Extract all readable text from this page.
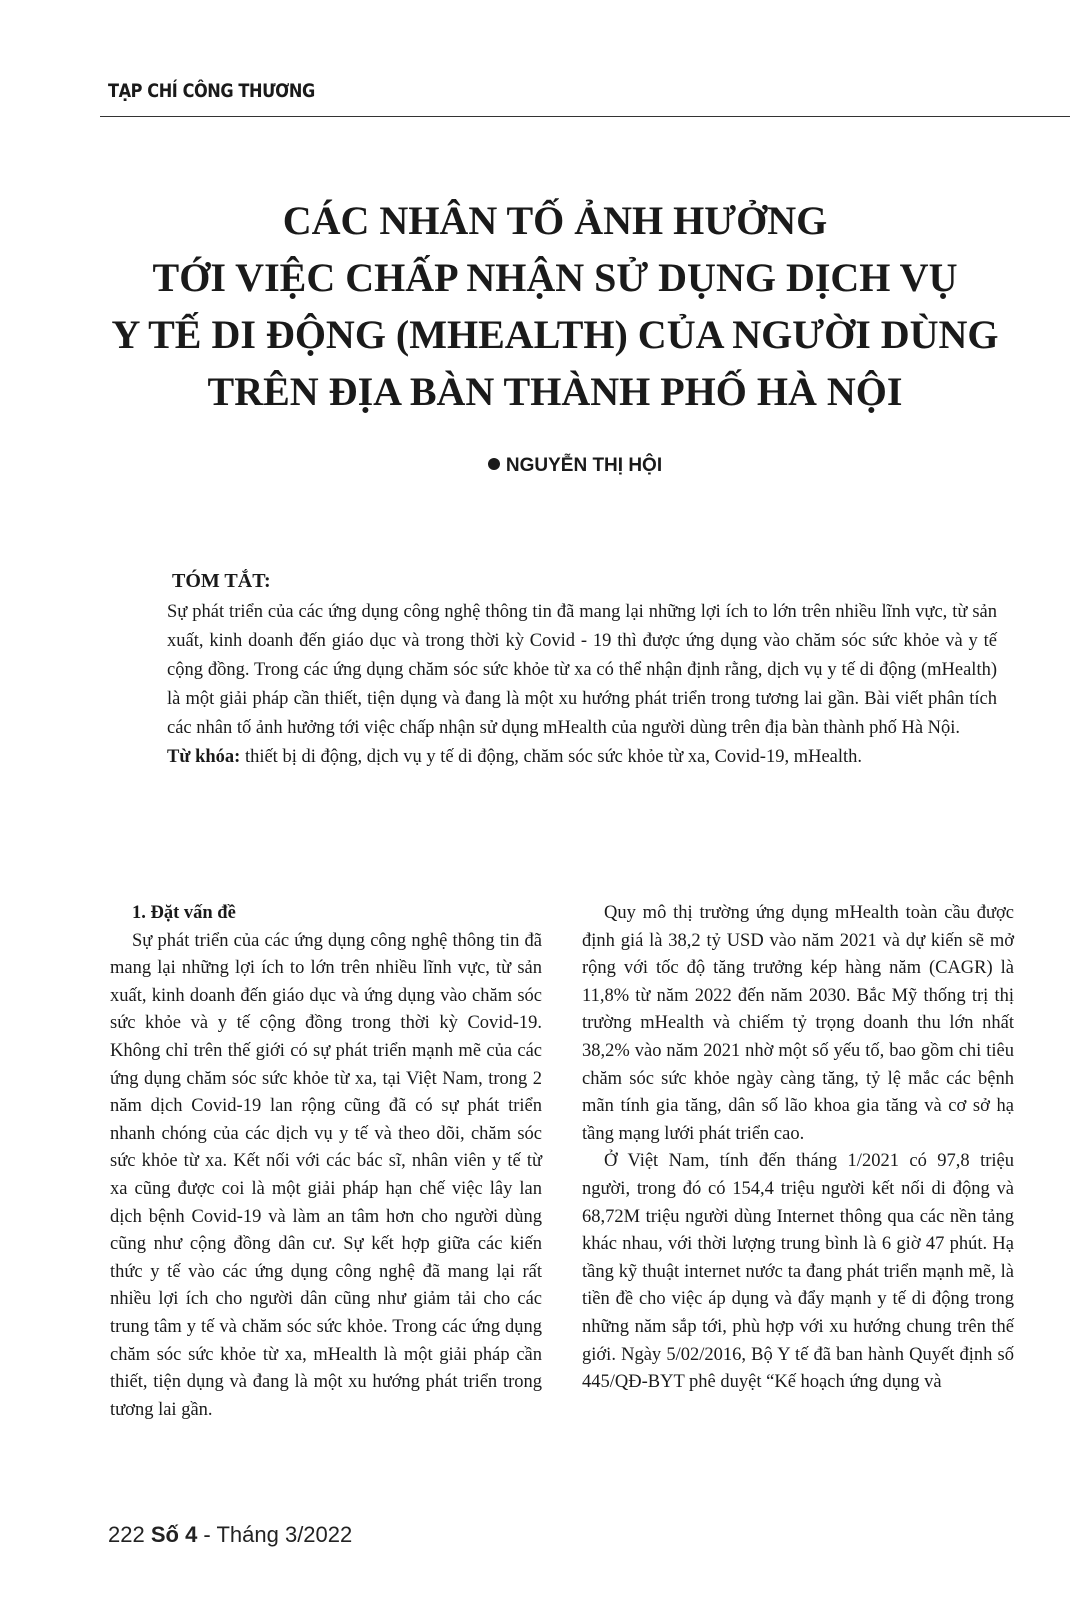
TẠP CHÍ CÔNG THƯƠNG
CÁC NHÂN TỐ ẢNH HƯỞNG
TỚI VIỆC CHẤP NHẬN SỬ DỤNG DỊCH VỤ
Y TẾ DI ĐỘNG (MHEALTH) CỦA NGƯỜI DÙNG
TRÊN ĐỊA BÀN THÀNH PHỐ HÀ NỘI
NGUYỄN THỊ HỘI
TÓM TẮT:

Sự phát triển của các ứng dụng công nghệ thông tin đã mang lại những lợi ích to lớn trên nhiều lĩnh vực, từ sản xuất, kinh doanh đến giáo dục và trong thời kỳ Covid - 19 thì được ứng dụng vào chăm sóc sức khỏe và y tế cộng đồng. Trong các ứng dụng chăm sóc sức khỏe từ xa có thể nhận định rằng, dịch vụ y tế di động (mHealth) là một giải pháp cần thiết, tiện dụng và đang là một xu hướng phát triển trong tương lai gần. Bài viết phân tích các nhân tố ảnh hưởng tới việc chấp nhận sử dụng mHealth của người dùng trên địa bàn thành phố Hà Nội.

Từ khóa: thiết bị di động, dịch vụ y tế di động, chăm sóc sức khỏe từ xa, Covid-19, mHealth.

1. Đặt vấn đề

Sự phát triển của các ứng dụng công nghệ thông tin đã mang lại những lợi ích to lớn trên nhiều lĩnh vực, từ sản xuất, kinh doanh đến giáo dục và ứng dụng vào chăm sóc sức khỏe và y tế cộng đồng trong thời kỳ Covid-19. Không chỉ trên thế giới có sự phát triển mạnh mẽ của các ứng dụng chăm sóc sức khỏe từ xa, tại Việt Nam, trong 2 năm dịch Covid-19 lan rộng cũng đã có sự phát triển nhanh chóng của các dịch vụ y tế và theo dõi, chăm sóc sức khỏe từ xa. Kết nối với các bác sĩ, nhân viên y tế từ xa cũng được coi là một giải pháp hạn chế việc lây lan dịch bệnh Covid-19 và làm an tâm hơn cho người dùng cũng như cộng đồng dân cư. Sự kết hợp giữa các kiến thức y tế vào các ứng dụng công nghệ đã mang lại rất nhiều lợi ích cho người dân cũng như giảm tải cho các trung tâm y tế và chăm sóc sức khỏe. Trong các ứng dụng chăm sóc sức khỏe từ xa, mHealth là một giải pháp cần thiết, tiện dụng và đang là một xu hướng phát triển trong tương lai gần.

Quy mô thị trường ứng dụng mHealth toàn cầu được định giá là 38,2 tỷ USD vào năm 2021 và dự kiến sẽ mở rộng với tốc độ tăng trưởng kép hàng năm (CAGR) là 11,8% từ năm 2022 đến năm 2030. Bắc Mỹ thống trị thị trường mHealth và chiếm tỷ trọng doanh thu lớn nhất 38,2% vào năm 2021 nhờ một số yếu tố, bao gồm chi tiêu chăm sóc sức khỏe ngày càng tăng, tỷ lệ mắc các bệnh mãn tính gia tăng, dân số lão khoa gia tăng và cơ sở hạ tầng mạng lưới phát triển cao.

Ở Việt Nam, tính đến tháng 1/2021 có 97,8 triệu người, trong đó có 154,4 triệu người kết nối di động và 68,72M triệu người dùng Internet thông qua các nền tảng khác nhau, với thời lượng trung bình là 6 giờ 47 phút. Hạ tầng kỹ thuật internet nước ta đang phát triển mạnh mẽ, là tiền đề cho việc áp dụng và đẩy mạnh y tế di động trong những năm sắp tới, phù hợp với xu hướng chung trên thế giới. Ngày 5/02/2016, Bộ Y tế đã ban hành Quyết định số 445/QĐ-BYT phê duyệt “Kế hoạch ứng dụng và

222 Số 4 - Tháng 3/2022
